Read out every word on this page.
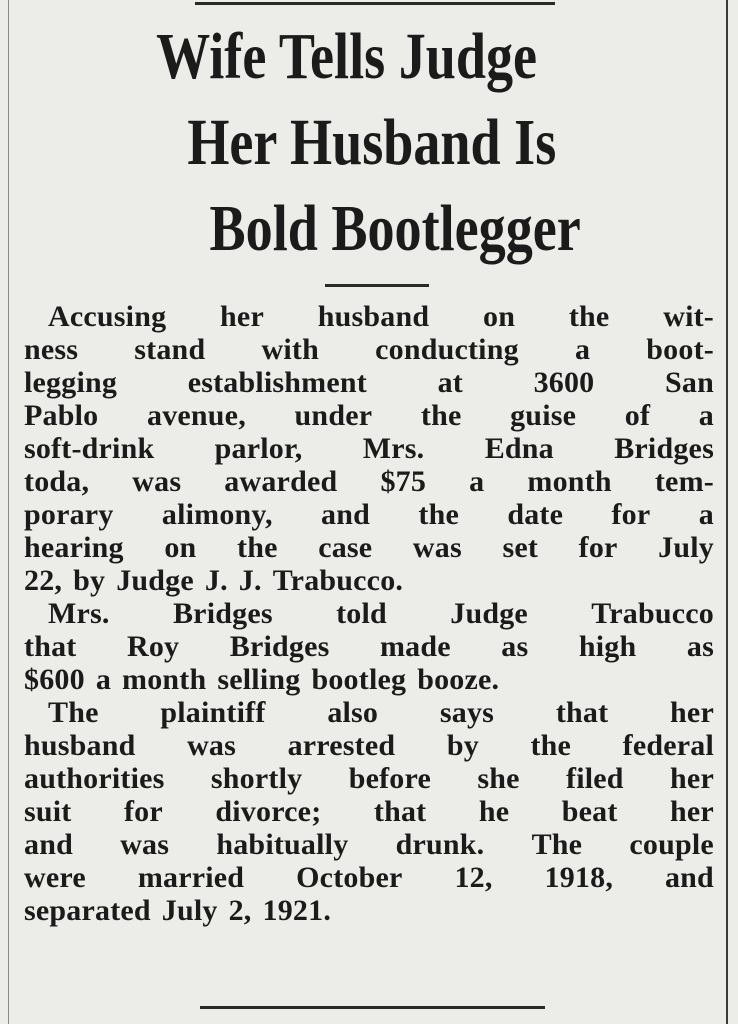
Wife Tells Judge
Her Husband Is
Bold Bootlegger
Accusing her husband on the wit-
ness stand with conducting a boot-
legging establishment at 3600 San
Pablo avenue, under the guise of a
soft-drink parlor, Mrs. Edna Bridges
toda, was awarded $75 a month tem-
porary alimony, and the date for a
hearing on the case was set for July
22, by Judge J. J. Trabucco.
Mrs. Bridges told Judge Trabucco
that Roy Bridges made as high as
$600 a month selling bootleg booze.
The plaintiff also says that her
husband was arrested by the federal
authorities shortly before she filed her
suit for divorce; that he beat her
and was habitually drunk. The couple
were married October 12, 1918, and
separated July 2, 1921.
